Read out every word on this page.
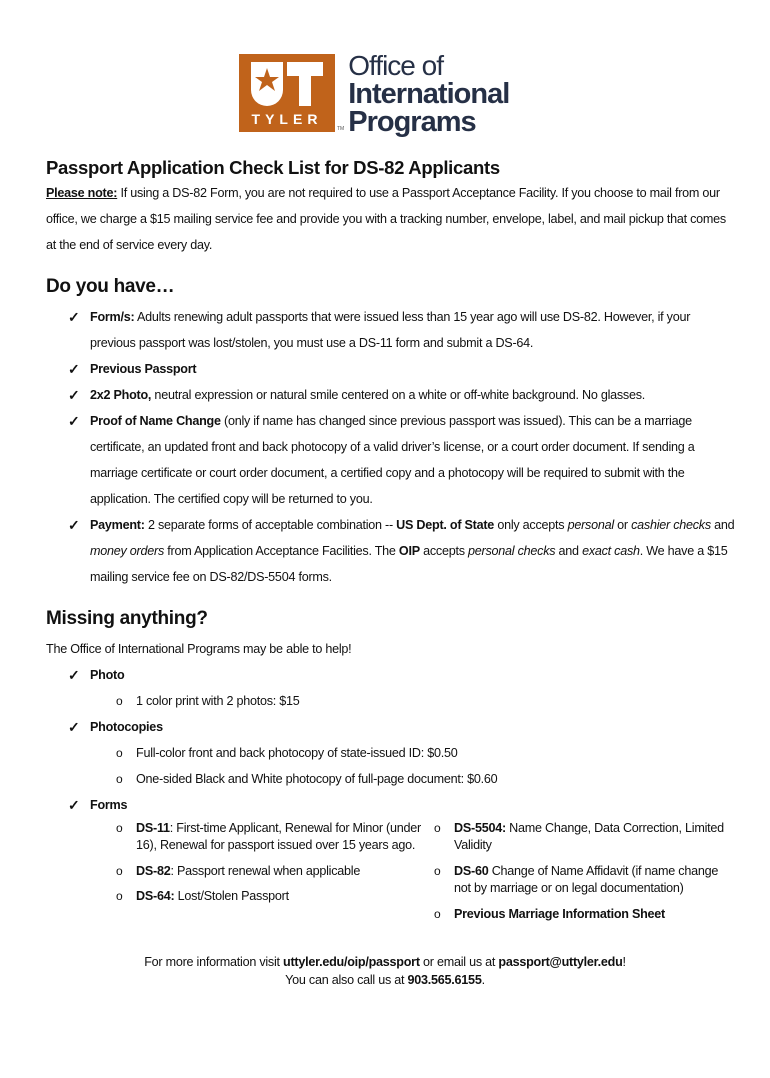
TYLER
TM
Office of
International
Programs
Passport Application Check List for DS-82 Applicants
Please note: If using a DS-82 Form, you are not required to use a Passport Acceptance Facility. If you choose to mail from our office, we charge a $15 mailing service fee and provide you with a tracking number, envelope, label, and mail pickup that comes at the end of service every day.
Do you have…
✓ Form/s: Adults renewing adult passports that were issued less than 15 year ago will use DS-82. However, if your previous passport was lost/stolen, you must use a DS-11 form and submit a DS-64.
✓ Previous Passport
✓ 2x2 Photo, neutral expression or natural smile centered on a white or off-white background. No glasses.
✓ Proof of Name Change (only if name has changed since previous passport was issued). This can be a marriage certificate, an updated front and back photocopy of a valid driver’s license, or a court order document. If sending a marriage certificate or court order document, a certified copy and a photocopy will be required to submit with the application. The certified copy will be returned to you.
✓ Payment: 2 separate forms of acceptable combination -- US Dept. of State only accepts personal or cashier checks and money orders from Application Acceptance Facilities. The OIP accepts personal checks and exact cash. We have a $15 mailing service fee on DS-82/DS-5504 forms.
Missing anything?
The Office of International Programs may be able to help!
✓ Photo
o	1 color print with 2 photos: $15
✓ Photocopies
o	Full-color front and back photocopy of state-issued ID: $0.50
o	One-sided Black and White photocopy of full-page document: $0.60
✓ Forms
o	DS-11: First-time Applicant, Renewal for Minor (under 16), Renewal for passport issued over 15 years ago.
o	DS-82: Passport renewal when applicable
o	DS-64: Lost/Stolen Passport
o	DS-5504: Name Change, Data Correction, Limited Validity
o	DS-60 Change of Name Affidavit (if name change not by marriage or on legal documentation)
o	Previous Marriage Information Sheet
For more information visit uttyler.edu/oip/passport or email us at passport@uttyler.edu!
You can also call us at 903.565.6155.
